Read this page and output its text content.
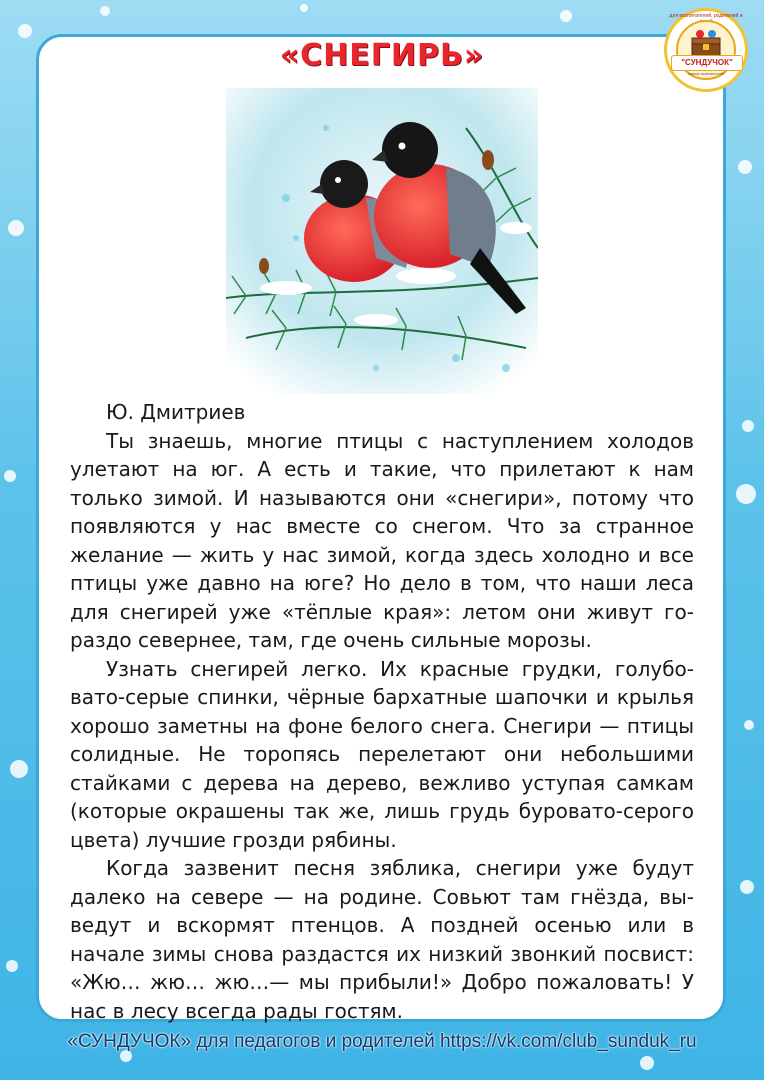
«СНЕГИРЬ»
для воспитателей, родителей и
"СУНДУЧОК"
масса полезностей

Ю. Дмитриев

Ты знаешь, многие птицы с наступлением холодов улетают на юг. А есть и такие, что прилетают к нам только зимой. И называются они «снегири», потому что появляются у нас вместе со снегом. Что за странное желание — жить у нас зимой, когда здесь холодно и все птицы уже давно на юге? Но дело в том, что наши леса для снегирей уже «тёплые края»: летом они живут гораздо севернее, там, где очень сильные морозы.

Узнать снегирей легко. Их красные грудки, голубовато-серые спинки, чёрные бархатные шапочки и крылья хорошо заметны на фоне белого снега. Снегири — птицы солидные. Не торопясь перелетают они небольшими стайками с дерева на дерево, вежливо уступая самкам (которые окрашены так же, лишь грудь буровато-серого цвета) лучшие грозди рябины.

Когда зазвенит песня зяблика, снегири уже будут далеко на севере — на родине. Совьют там гнёзда, выведут и вскормят птенцов. А поздней осенью или в начале зимы снова раздастся их низкий звонкий посвист: «Жю… жю… жю…— мы прибыли!» Добро пожаловать! У нас в лесу всегда рады гостям.

«СУНДУЧОК» для педагогов и родителей https://vk.com/club_sunduk_ru
